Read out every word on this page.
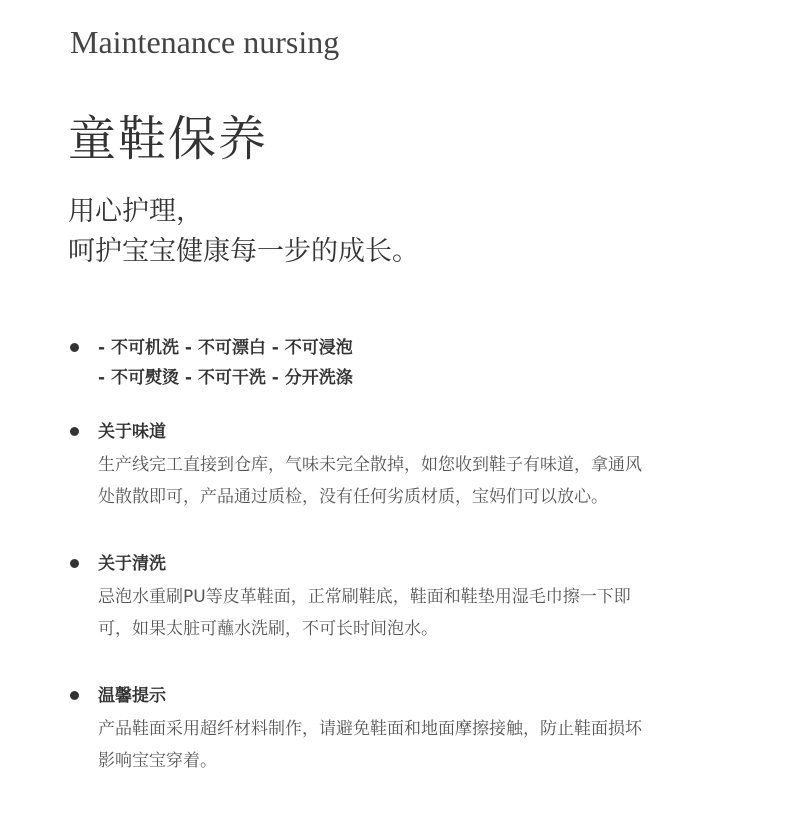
Maintenance nursing
童鞋保养
用心护理，
呵护宝宝健康每一步的成长。
- 不可机洗 - 不可漂白 - 不可浸泡
- 不可熨烫 - 不可干洗 - 分开洗涤
关于味道
生产线完工直接到仓库，气味未完全散掉，如您收到鞋子有味道，拿通风
处散散即可，产品通过质检，没有任何劣质材质，宝妈们可以放心。
关于清洗
忌泡水重刷PU等皮革鞋面，正常刷鞋底，鞋面和鞋垫用湿毛巾擦一下即
可，如果太脏可蘸水洗刷，不可长时间泡水。
温馨提示
产品鞋面采用超纤材料制作，请避免鞋面和地面摩擦接触，防止鞋面损坏
影响宝宝穿着。
